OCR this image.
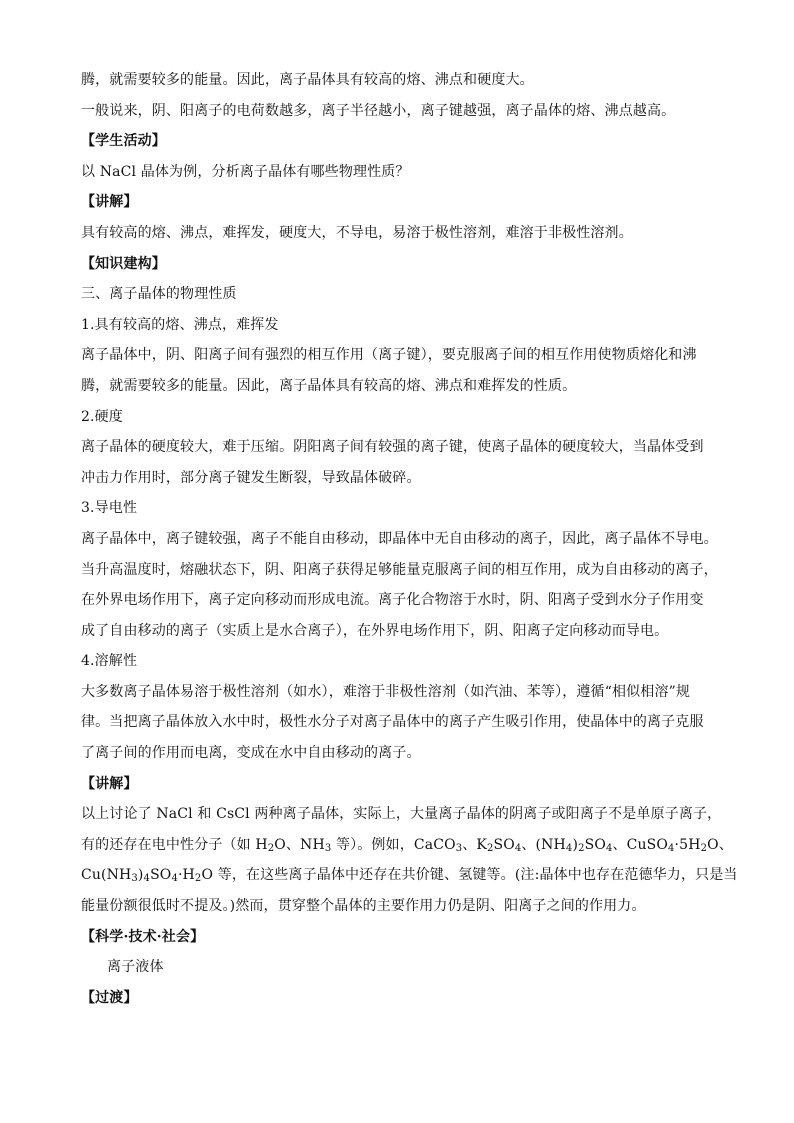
腾，就需要较多的能量。因此，离子晶体具有较高的熔、沸点和硬度大。
一般说来，阴、阳离子的电荷数越多，离子半径越小，离子键越强，离子晶体的熔、沸点越高。
【学生活动】
以 NaCl 晶体为例，分析离子晶体有哪些物理性质？
【讲解】
具有较高的熔、沸点，难挥发，硬度大，不导电，易溶于极性溶剂，难溶于非极性溶剂。
【知识建构】
三、离子晶体的物理性质
1.具有较高的熔、沸点，难挥发
离子晶体中，阴、阳离子间有强烈的相互作用（离子键），要克服离子间的相互作用使物质熔化和沸
腾，就需要较多的能量。因此，离子晶体具有较高的熔、沸点和难挥发的性质。
2.硬度
离子晶体的硬度较大，难于压缩。阴阳离子间有较强的离子键，使离子晶体的硬度较大，当晶体受到
冲击力作用时，部分离子键发生断裂，导致晶体破碎。
3.导电性
离子晶体中，离子键较强，离子不能自由移动，即晶体中无自由移动的离子，因此，离子晶体不导电。
当升高温度时，熔融状态下，阴、阳离子获得足够能量克服离子间的相互作用，成为自由移动的离子，
在外界电场作用下，离子定向移动而形成电流。离子化合物溶于水时，阴、阳离子受到水分子作用变
成了自由移动的离子（实质上是水合离子），在外界电场作用下，阴、阳离子定向移动而导电。
4.溶解性
大多数离子晶体易溶于极性溶剂（如水），难溶于非极性溶剂（如汽油、苯等），遵循“相似相溶”规
律。当把离子晶体放入水中时，极性水分子对离子晶体中的离子产生吸引作用，使晶体中的离子克服
了离子间的作用而电离，变成在水中自由移动的离子。
【讲解】
以上讨论了 NaCl 和 CsCl 两种离子晶体，实际上，大量离子晶体的阴离子或阳离子不是单原子离子，
有的还存在电中性分子（如 $H_2O$、$NH_3$ 等）。例如，CaCO$_3$、$K_2SO_4$、$(NH_4)_2SO_4$、$CuSO_4\cdot 5H_2O$、
$Cu(NH_3)_4SO_4\cdot H_2O$ 等，在这些离子晶体中还存在共价键、氢键等。(注:晶体中也存在范德华力，只是当
能量份额很低时不提及。)然而，贯穿整个晶体的主要作用力仍是阴、阳离子之间的作用力。
【科学·技术·社会】
离子液体
【过渡】
